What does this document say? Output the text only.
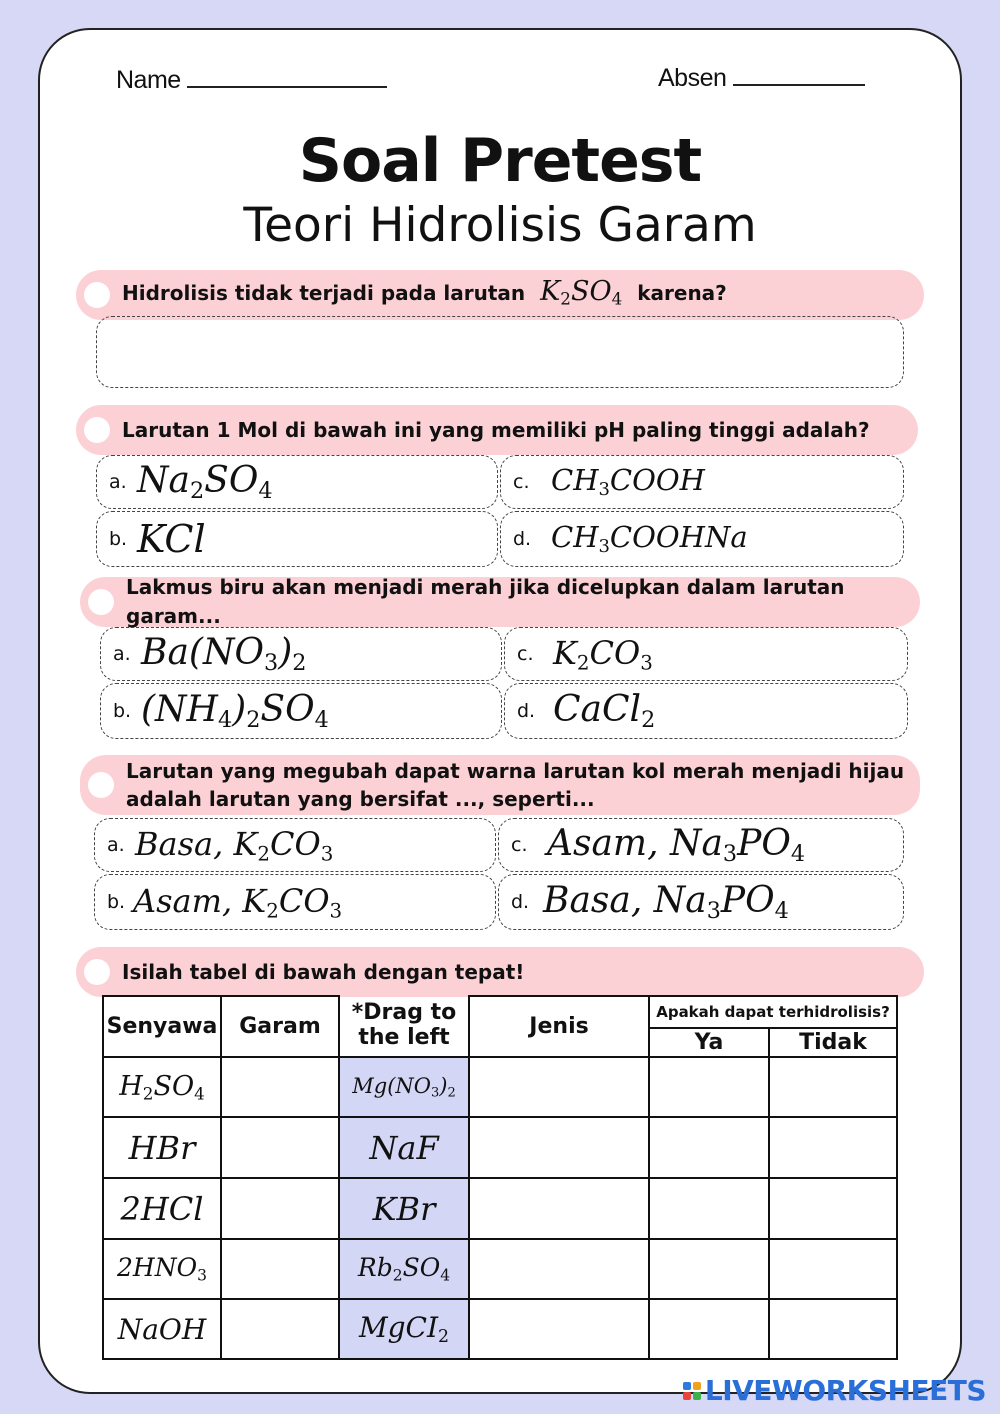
Name	Absen
Soal Pretest
Teori Hidrolisis Garam
Hidrolisis tidak terjadi pada larutan $K_2SO_4$ karena?
Larutan 1 Mol di bawah ini yang memiliki pH paling tinggi adalah?
a. $Na_2SO_4$
b. KCl
c. $CH_3COOH$
d. $CH_3COOHNa$
Lakmus biru akan menjadi merah jika dicelupkan dalam larutan garam...
a. $Ba(NO_3)_2$
b. $(NH_4)_2SO_4$
c. $K_2CO_3$
d. CaCl$_2$
Larutan yang megubah dapat warna larutan kol merah menjadi hijau
adalah larutan yang bersifat ..., seperti...
a. Basa, $K_2CO_3$
b. Asam, $K_2CO_3$
c. Asam, $Na_3PO_4$
d. Basa, $Na_3PO_4$
Isilah tabel di bawah dengan tepat!
Senyawa	Garam	*Drag to the left	Jenis	Apakah dapat terhidrolisis?	
				Ya	Tidak
$H_2SO_4$		$Mg(NO_3)_2$			
HBr		NaF			
2HCl		KBr			
$2HNO_3$		$Rb_2SO_4$			
NaOH		MgCI$_2$			
LIVEWORKSHEETS
